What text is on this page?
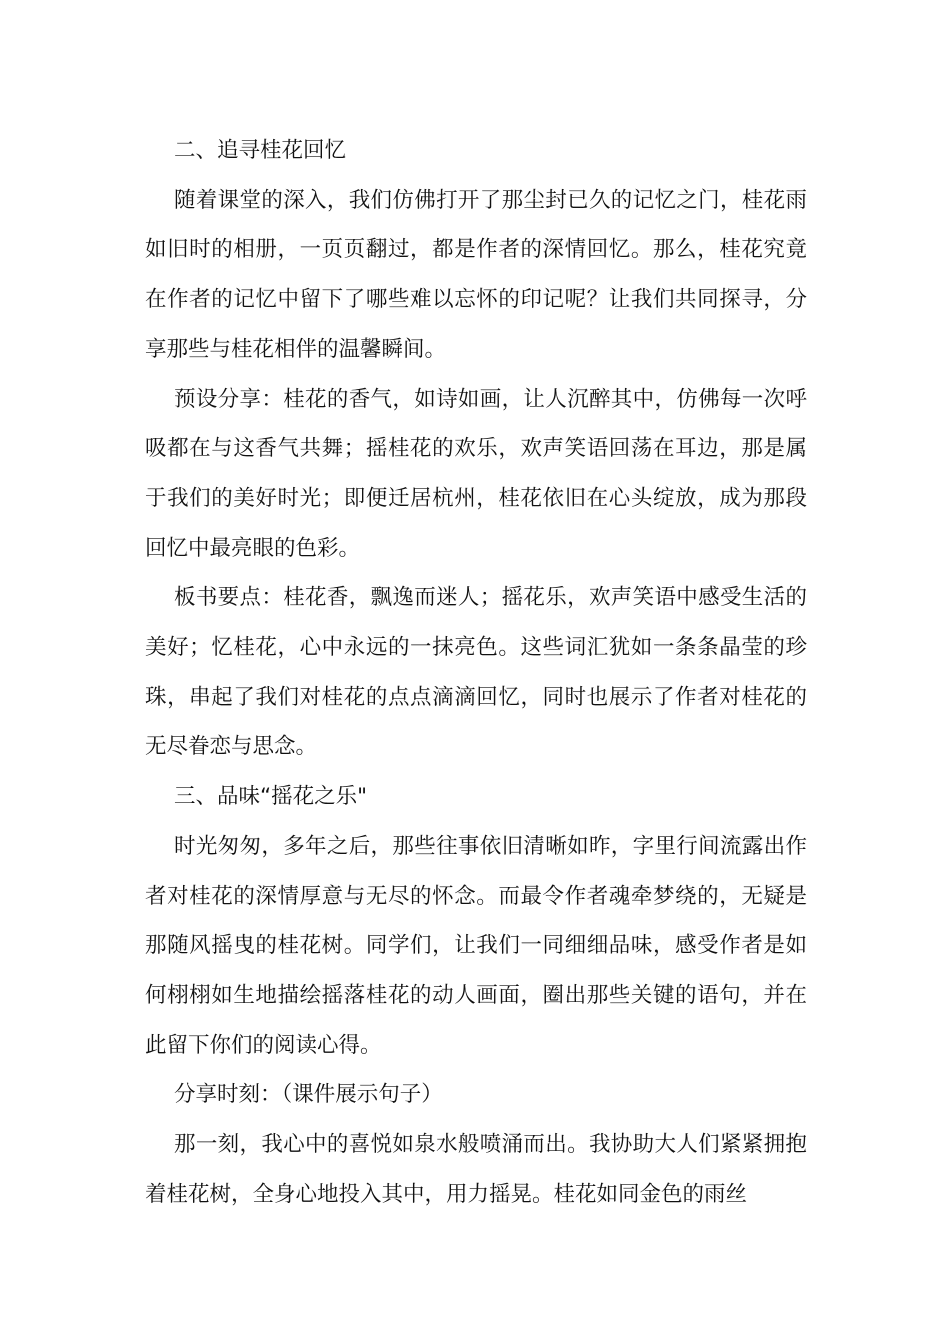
二、追寻桂花回忆

随着课堂的深入，我们仿佛打开了那尘封已久的记忆之门，桂花雨如旧时的相册，一页页翻过，都是作者的深情回忆。那么，桂花究竟在作者的记忆中留下了哪些难以忘怀的印记呢？让我们共同探寻，分享那些与桂花相伴的温馨瞬间。

预设分享：桂花的香气，如诗如画，让人沉醉其中，仿佛每一次呼吸都在与这香气共舞；摇桂花的欢乐，欢声笑语回荡在耳边，那是属于我们的美好时光；即便迁居杭州，桂花依旧在心头绽放，成为那段回忆中最亮眼的色彩。

板书要点：桂花香，飘逸而迷人；摇花乐，欢声笑语中感受生活的美好；忆桂花，心中永远的一抹亮色。这些词汇犹如一条条晶莹的珍珠，串起了我们对桂花的点点滴滴回忆，同时也展示了作者对桂花的无尽眷恋与思念。

三、品味“摇花之乐"

时光匆匆，多年之后，那些往事依旧清晰如昨，字里行间流露出作者对桂花的深情厚意与无尽的怀念。而最令作者魂牵梦绕的，无疑是那随风摇曳的桂花树。同学们，让我们一同细细品味，感受作者是如何栩栩如生地描绘摇落桂花的动人画面，圈出那些关键的语句，并在此留下你们的阅读心得。

分享时刻：（课件展示句子）

那一刻，我心中的喜悦如泉水般喷涌而出。我协助大人们紧紧拥抱着桂花树，全身心地投入其中，用力摇晃。桂花如同金色的雨丝
